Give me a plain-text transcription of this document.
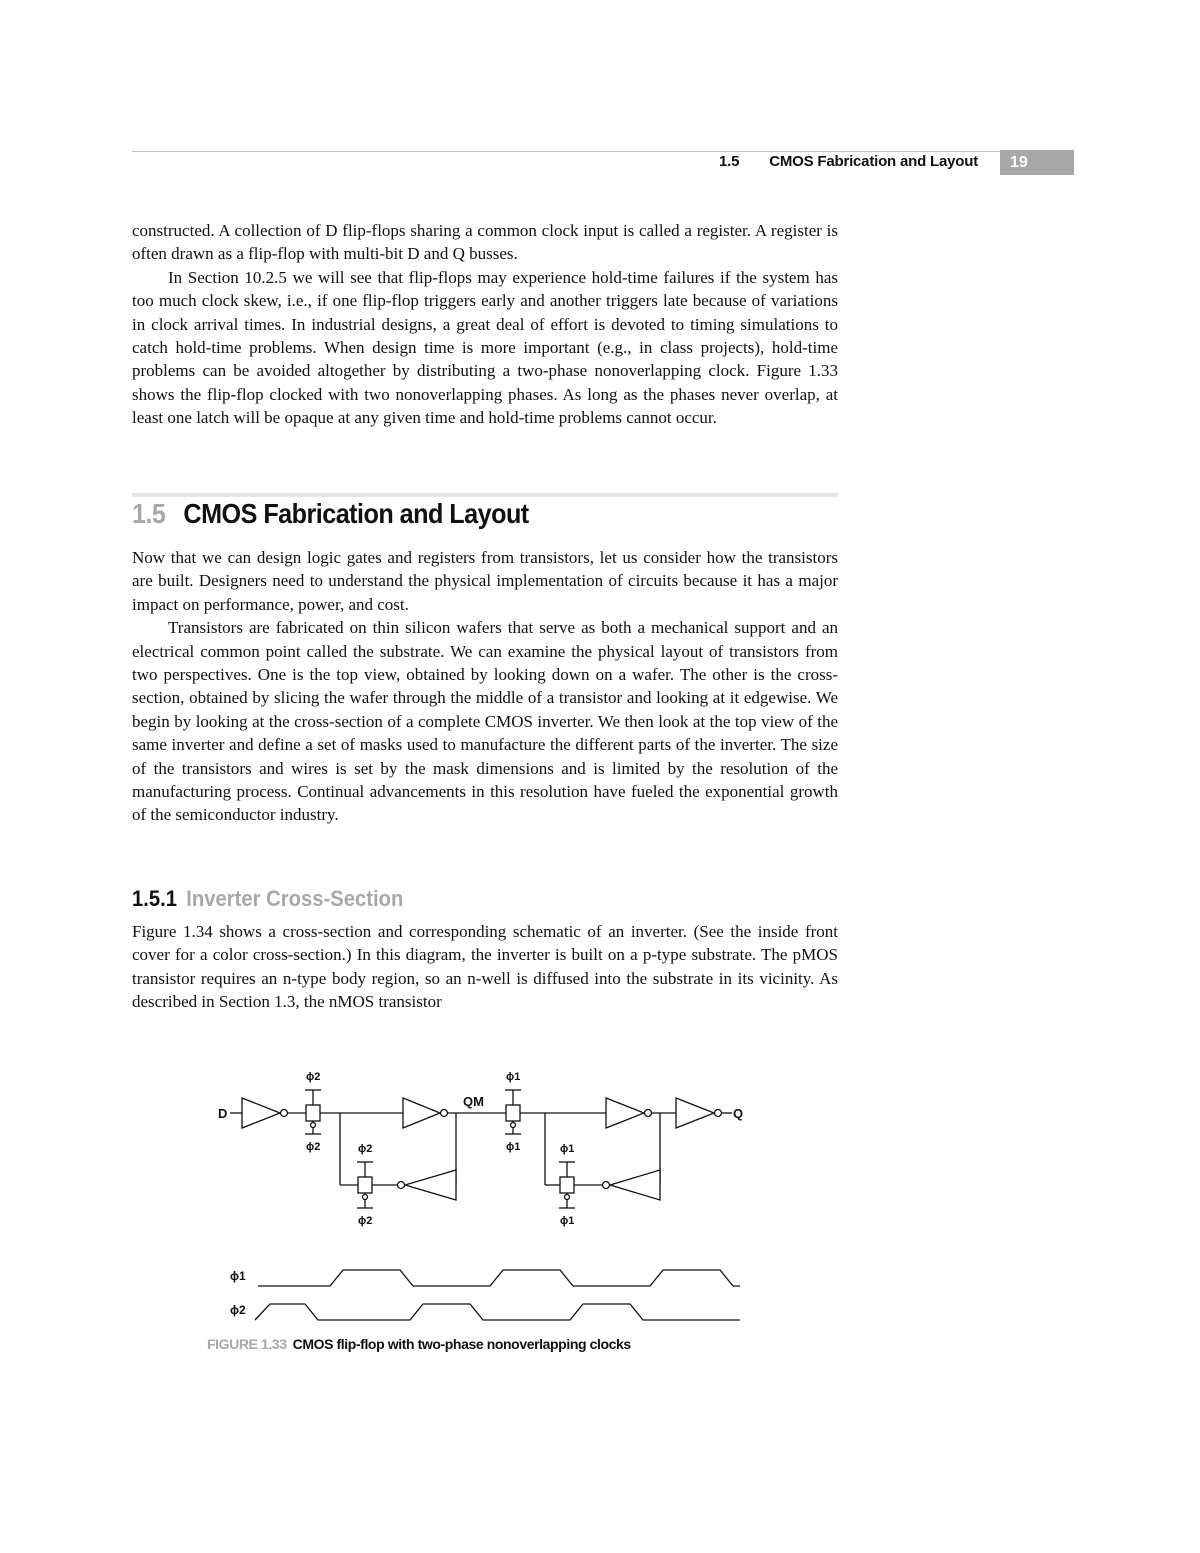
1.5 CMOS Fabrication and Layout	19

constructed. A collection of D flip-flops sharing a common clock input is called a register. A register is often drawn as a flip-flop with multi-bit D and Q busses.

In Section 10.2.5 we will see that flip-flops may experience hold-time failures if the system has too much clock skew, i.e., if one flip-flop triggers early and another triggers late because of variations in clock arrival times. In industrial designs, a great deal of effort is devoted to timing simulations to catch hold-time problems. When design time is more important (e.g., in class projects), hold-time problems can be avoided altogether by distributing a two-phase nonoverlapping clock. Figure 1.33 shows the flip-flop clocked with two nonoverlapping phases. As long as the phases never overlap, at least one latch will be opaque at any given time and hold-time problems cannot occur.

1.5 CMOS Fabrication and Layout

Now that we can design logic gates and registers from transistors, let us consider how the transistors are built. Designers need to understand the physical implementation of circuits because it has a major impact on performance, power, and cost.

Transistors are fabricated on thin silicon wafers that serve as both a mechanical support and an electrical common point called the substrate. We can examine the physical layout of transistors from two perspectives. One is the top view, obtained by looking down on a wafer. The other is the cross-section, obtained by slicing the wafer through the middle of a transistor and looking at it edgewise. We begin by looking at the cross-section of a complete CMOS inverter. We then look at the top view of the same inverter and define a set of masks used to manufacture the different parts of the inverter. The size of the transistors and wires is set by the mask dimensions and is limited by the resolution of the manufacturing process. Continual advancements in this resolution have fueled the exponential growth of the semiconductor industry.

1.5.1 Inverter Cross-Section

Figure 1.34 shows a cross-section and corresponding schematic of an inverter. (See the inside front cover for a color cross-section.) In this diagram, the inverter is built on a p-type substrate. The pMOS transistor requires an n-type body region, so an n-well is diffused into the substrate in its vicinity. As described in Section 1.3, the nMOS transistor

D	Q
QM
ϕ2
ϕ2	ϕ2
ϕ2
ϕ1
ϕ1	ϕ1
ϕ1
ϕ1
ϕ2
FIGURE 1.33 CMOS flip-flop with two-phase nonoverlapping clocks
